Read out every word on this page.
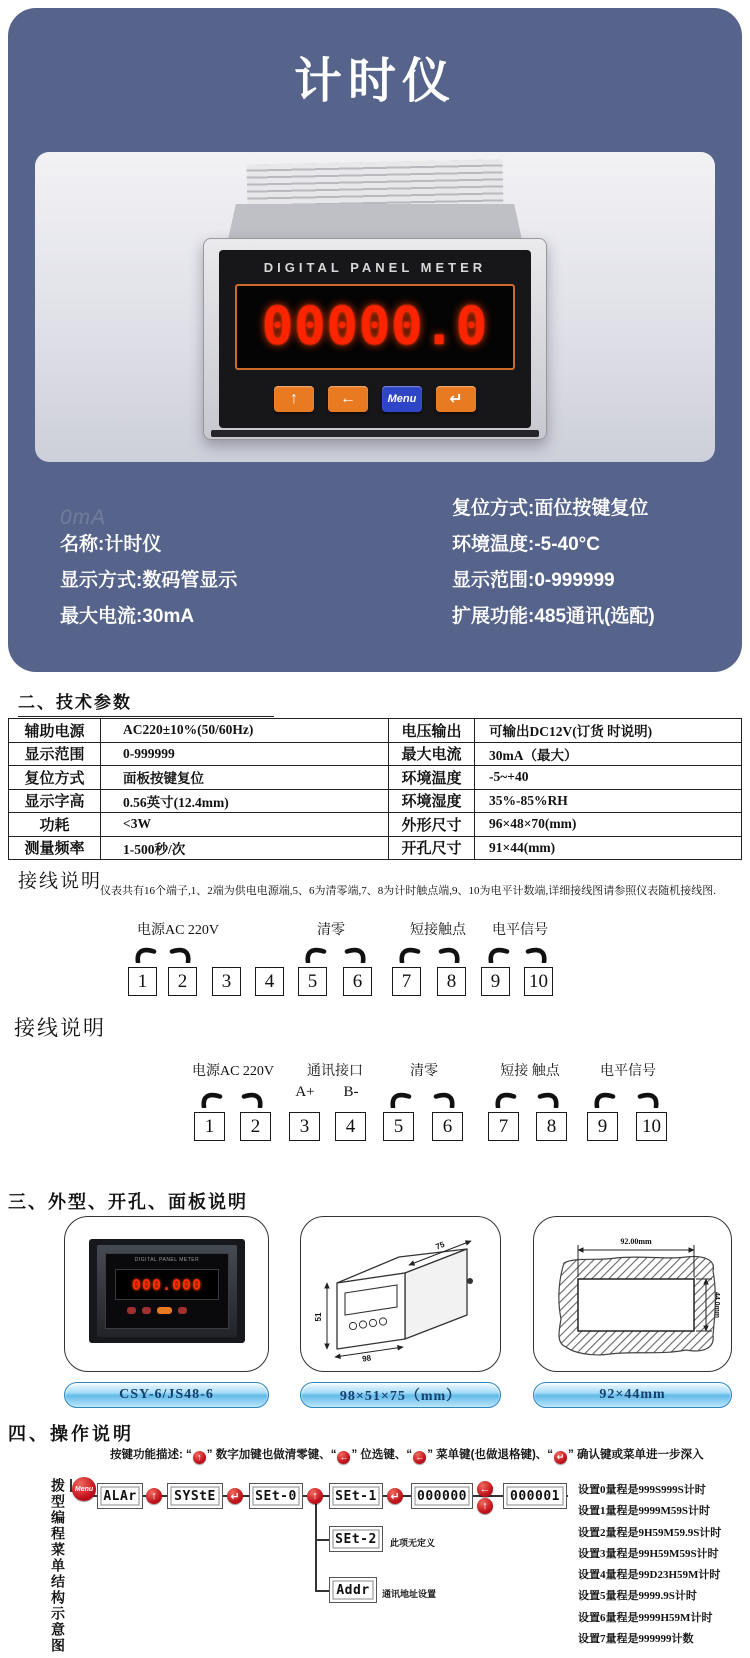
计时仪
DIGITAL PANEL METER
00000.0
↑	←	Menu	↵
0mA
名称:计时仪
显示方式:数码管显示
最大电流:30mA
复位方式:面位按键复位
环境温度:-5-40°C
显示范围:0-999999
扩展功能:485通讯(选配)
二、技术参数
辅助电源	AC220±10%(50/60Hz)	电压输出	可输出DC12V(订货 时说明)
显示范围	0-999999	最大电流	30mA（最大）
复位方式	面板按键复位	环境温度	-5~+40
显示字高	0.56英寸(12.4mm)	环境湿度	35%-85%RH
功耗	<3W	外形尺寸	96×48×70(mm)
测量频率	1-500秒/次	开孔尺寸	91×44(mm)
接线说明
仪表共有16个端子,1、2端为供电电源端,5、6为清零端,7、8为计时触点端,9、10为电平计数端,详细接线图请参照仪表随机接线图.
接线说明
三、外型、开孔、面板说明
DIGITAL PANEL METER
000.000
75
51
98
92.00mm
44.0mm
CSY-6/JS48-6	98×51×75（mm）	92×44mm
四、操作说明
按键功能描述: “ ↑ ” 数字加键也做清零键、“ ← ” 位选键、“ ← ” 菜单键(也做退格键)、“ ↵ ” 确认键或菜单进一步深入
拨型编程菜单结构示意图	设置0量程是999S999S计时
设置1量程是9999M59S计时
设置2量程是9H59M59.9S计时
设置3量程是99H59M59S计时
设置4量程是99D23H59M计时
设置5量程是9999.9S计时
设置6量程是9999H59M计时
设置7量程是999999计数
电源AC 220V	清零	短接触点 电平信号
1	2	3	4	5	6	7	8	9	10
电源AC 220V 通讯接口
A+ B-
清零	短接 触点	电平信号
1	2	3	4	5	6	7	8	9	10
Menu ALAr	↑	SYStE	↵	SEt-0	↑	SEt-1	↵	000000	←
↑
000001
SEt-2	此项无定义
Addr	通讯地址设置
